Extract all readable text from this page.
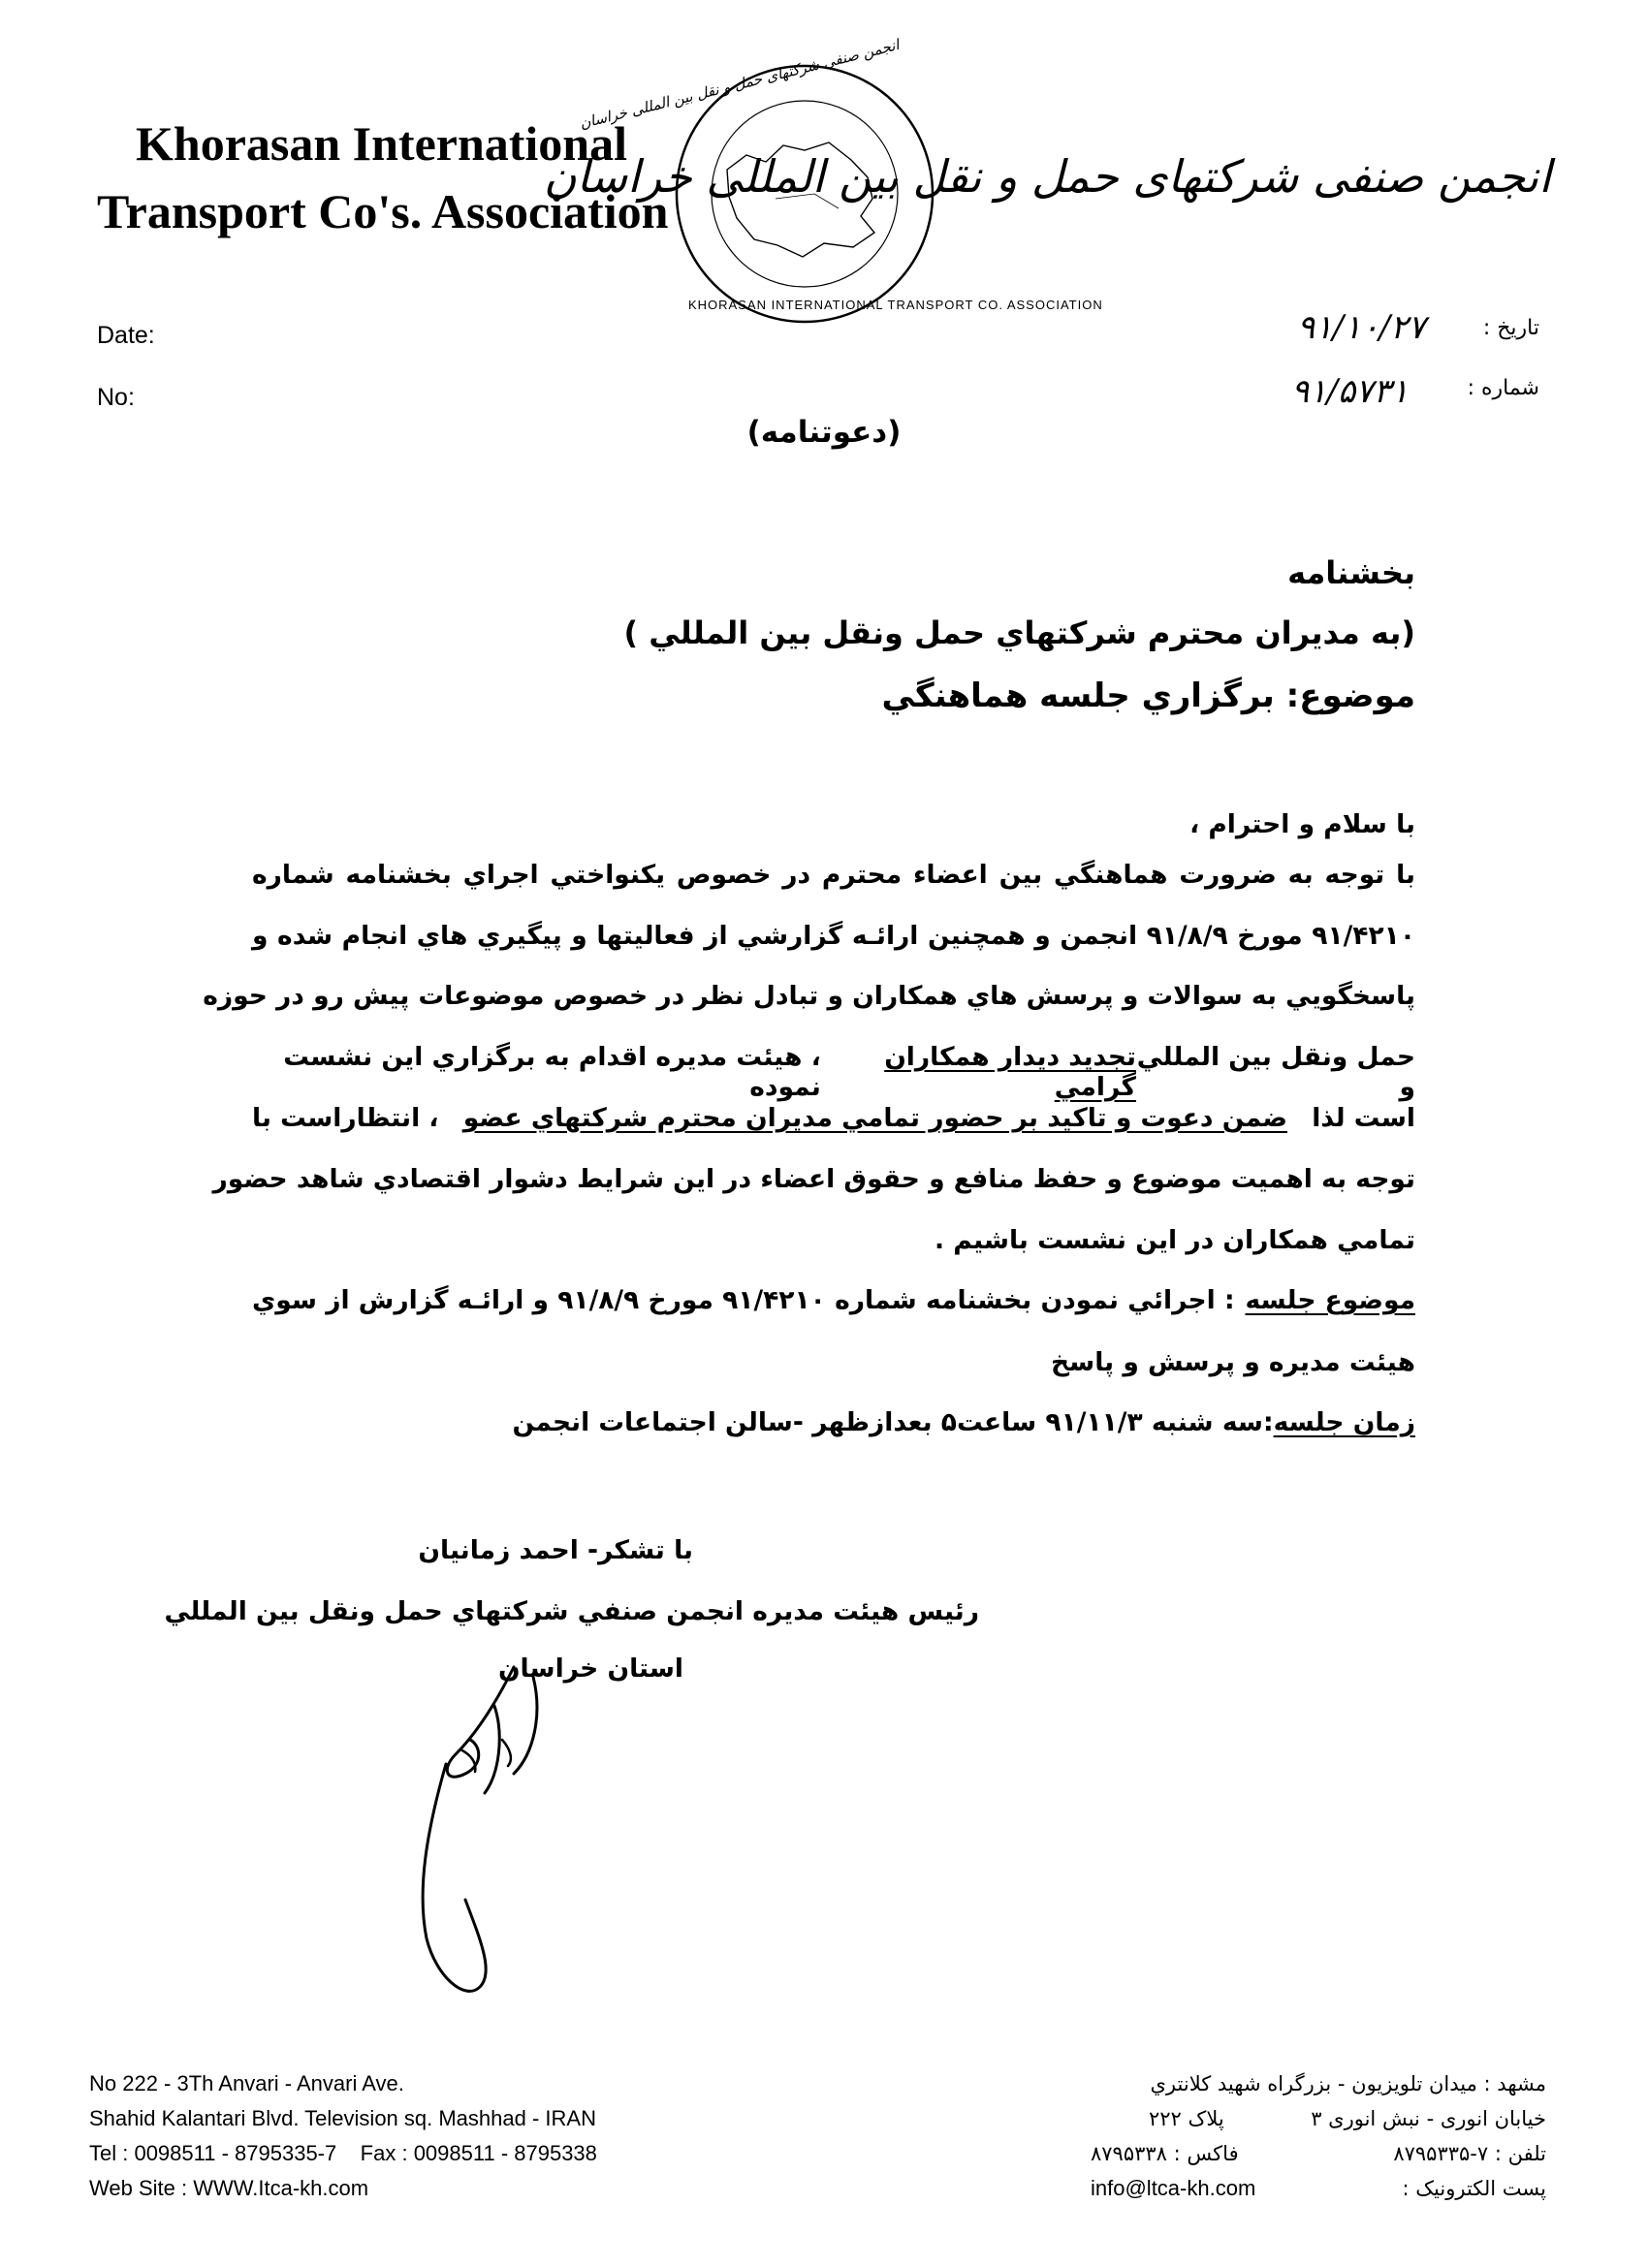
Khorasan International
Transport Co's. Association
انجمن صنفی شرکتهای حمل و نقل بین المللی خراسان
KHORASAN INTERNATIONAL TRANSPORT CO. ASSOCIATION
انجمن صنفی شرکتهای حمل و نقل بین المللی خراسان
Date:
No:
تاریخ :
شماره :
۹۱/۱۰/۲۷
۹۱/۵۷۳۱
(دعوتنامه)
بخشنامه
(به مديران محترم شركتهاي حمل ونقل بين المللي )
موضوع: برگزاري جلسه هماهنگي
با سلام و احترام ،
با توجه به ضرورت هماهنگي بين اعضاء محترم در خصوص يكنواختي اجراي بخشنامه شماره
۹۱/۴۲۱۰ مورخ ۹۱/۸/۹ انجمن و همچنين ارائـه گزارشي از فعاليتها و پيگيري هاي انجام شده و
پاسخگويي به سوالات و پرسش هاي همكاران و تبادل نظر در خصوص موضوعات پيش رو در حوزه
حمل ونقل بين المللي و
تجديد ديدار همكاران گرامي
، هيئت مديره اقدام به برگزاري اين نشست نموده
است لذا
ضمن دعوت و تاكيد بر حضور تمامي مديران محترم شركتهاي عضو
، انتظاراست با
توجه به اهميت موضوع و حفظ منافع و حقوق اعضاء در اين شرايط دشوار اقتصادي شاهد حضور
تمامي همكاران در اين نشست باشيم .
موضوع جلسه
: اجرائي نمودن بخشنامه شماره ۹۱/۴۲۱۰ مورخ ۹۱/۸/۹ و ارائـه گزارش از سوي
هيئت مديره و پرسش و پاسخ
زمان جلسه
:سه شنبه ۹۱/۱۱/۳ ساعت۵ بعدازظهر -سالن اجتماعات انجمن
با تشكر- احمد زمانيان
رئيس هيئت مديره انجمن صنفي شركتهاي حمل ونقل بين المللي
استان خراسان
No 222 - 3Th Anvari - Anvari Ave.
Shahid Kalantari Blvd. Television sq. Mashhad - IRAN
Tel : 0098511 - 8795335-7    Fax : 0098511 - 8795338
Web Site : WWW.Itca-kh.com
مشهد : ميدان تلويزيون - بزرگراه شهيد كلانتري
خيابان انوری - نبش انوری ۳
پلاک ۲۲۲
تلفن : ۷-۸۷۹۵۳۳۵
فاکس : ۸۷۹۵۳۳۸
پست الکترونیک :
info@ltca-kh.com
